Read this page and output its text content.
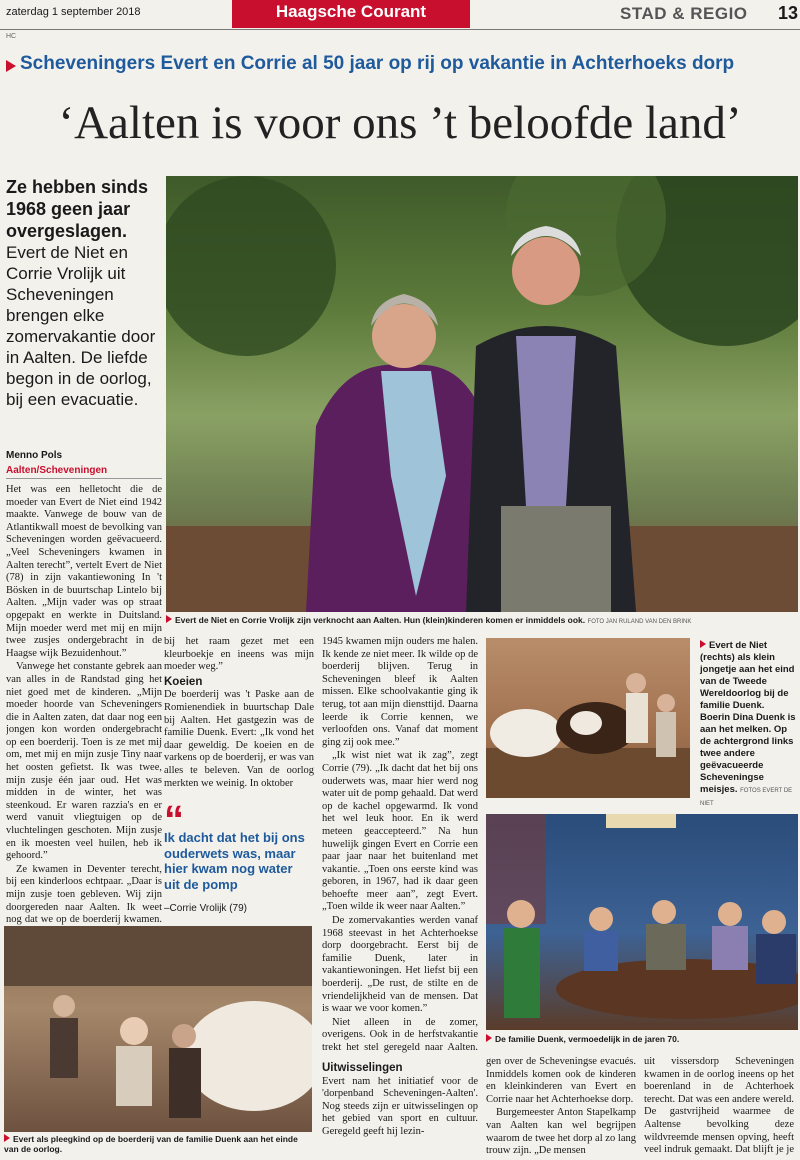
zaterdag 1 september 2018	Haagsche Courant	STAD & REGIO 13
HC
Scheveningers Evert en Corrie al 50 jaar op rij op vakantie in Achterhoeks dorp
‘Aalten is voor ons ’t beloofde land’
Ze hebben sinds 1968 geen jaar overgeslagen.
Evert de Niet en Corrie Vrolijk uit Scheveningen brengen elke zomervakantie door in Aalten. De liefde begon in de oorlog, bij een evacuatie.
Menno Pols
Aalten/Scheveningen
Evert de Niet en Corrie Vrolijk zijn verknocht aan Aalten. Hun (klein)kinderen komen er inmiddels ook. FOTO JAN RULAND VAN DEN BRINK

Het was een helletocht die de moeder van Evert de Niet eind 1942 maakte. Vanwege de bouw van de Atlantikwall moest de bevolking van Scheveningen worden geëvacueerd. „Veel Scheveningers kwamen in Aalten terecht”, vertelt Evert de Niet (78) in zijn vakantiewoning In 't Bösken in de buurtschap Lintelo bij Aalten. „Mijn vader was op straat opgepakt en werkte in Duitsland. Mijn moeder werd met mij en mijn twee zusjes ondergebracht in de Haagse wijk Bezuidenhout.”

Vanwege het constante gebrek aan van alles in de Randstad ging het niet goed met de kinderen. „Mijn moeder hoorde van Scheveningers die in Aalten zaten, dat daar nog een jongen kon worden ondergebracht op een boerderij. Toen is ze met mij om, met mij en mijn zusje Tiny naar het oosten gefietst. Ik was twee, mijn zusje één jaar oud. Het was midden in de winter, het was steenkoud. Er waren razzia's en er werd vanuit vliegtuigen op de vluchtelingen geschoten. Mijn zusje en ik moesten veel huilen, heb ik gehoord.”

Ze kwamen in Deventer terecht, bij een kinderloos echtpaar. „Daar is mijn zusje toen gebleven. Wij zijn doorgereden naar Aalten. Ik weet nog dat we op de boerderij kwamen.

bij het raam gezet met een kleurboekje en ineens was mijn moeder weg.”

Koeien

De boerderij was 't Paske aan de Romienendiek in buurtschap Dale bij Aalten. Het gastgezin was de familie Duenk. Evert: „Ik vond het daar geweldig. De koeien en de varkens op de boerderij, er was van alles te beleven. Van de oorlog merkten we weinig. In oktober

“
Ik dacht dat het bij ons ouderwets was, maar hier kwam nog water uit de pomp
–Corrie Vrolijk (79)

1945 kwamen mijn ouders me halen. Ik kende ze niet meer. Ik wilde op de boerderij blijven. Terug in Scheveningen bleef ik Aalten missen. Elke schoolvakantie ging ik terug, tot aan mijn diensttijd. Daarna leerde ik Corrie kennen, we verloofden ons. Vanaf dat moment ging zij ook mee.”

„Ik wist niet wat ik zag”, zegt Corrie (79). „Ik dacht dat het bij ons ouderwets was, maar hier werd nog water uit de pomp gehaald. Dat werd op de kachel opgewarmd. Ik vond het wel leuk hoor. En ik werd meteen geaccepteerd.” Na hun huwelijk gingen Evert en Corrie een paar jaar naar het buitenland met vakantie. „Toen ons eerste kind was geboren, in 1967, had ik daar geen behoefte meer aan”, zegt Evert. „Toen wilde ik weer naar Aalten.”

De zomervakanties werden vanaf 1968 steevast in het Achterhoekse dorp doorgebracht. Eerst bij de familie Duenk, later in vakantiewoningen. Het liefst bij een boerderij. „De rust, de stilte en de vriendelijkheid van de mensen. Dat is waar we voor komen.”

Niet alleen in de zomer, overigens. Ook in de herfstvakantie trekt het stel geregeld naar Aalten.

Uitwisselingen

Evert nam het initiatief voor de 'dorpenband Scheveningen-Aalten'. Nog steeds zijn er uitwisselingen op het gebied van sport en cultuur. Geregeld geeft hij lezin-

Evert de Niet (rechts) als klein jongetje aan het eind van de Tweede Wereldoorlog bij de familie Duenk. Boerin Dina Duenk is aan het melken. Op de achtergrond links twee andere geëvacueerde Scheveningse meisjes. FOTOS EVERT DE NIET
De familie Duenk, vermoedelijk in de jaren 70.
Evert als pleegkind op de boerderij van de familie Duenk aan het einde van de oorlog.

gen over de Scheveningse evacués. Inmiddels komen ook de kinderen en kleinkinderen van Evert en Corrie naar het Achterhoekse dorp.

Burgemeester Anton Stapelkamp van Aalten kan wel begrijpen waarom de twee het dorp al zo lang trouw zijn. „De mensen

uit vissersdorp Scheveningen kwamen in de oorlog ineens op het boerenland in de Achterhoek terecht. Dat was een andere wereld. De gastvrijheid waarmee de Aaltense bevolking deze wildvreemde mensen opving, heeft veel indruk gemaakt. Dat blijft je je
